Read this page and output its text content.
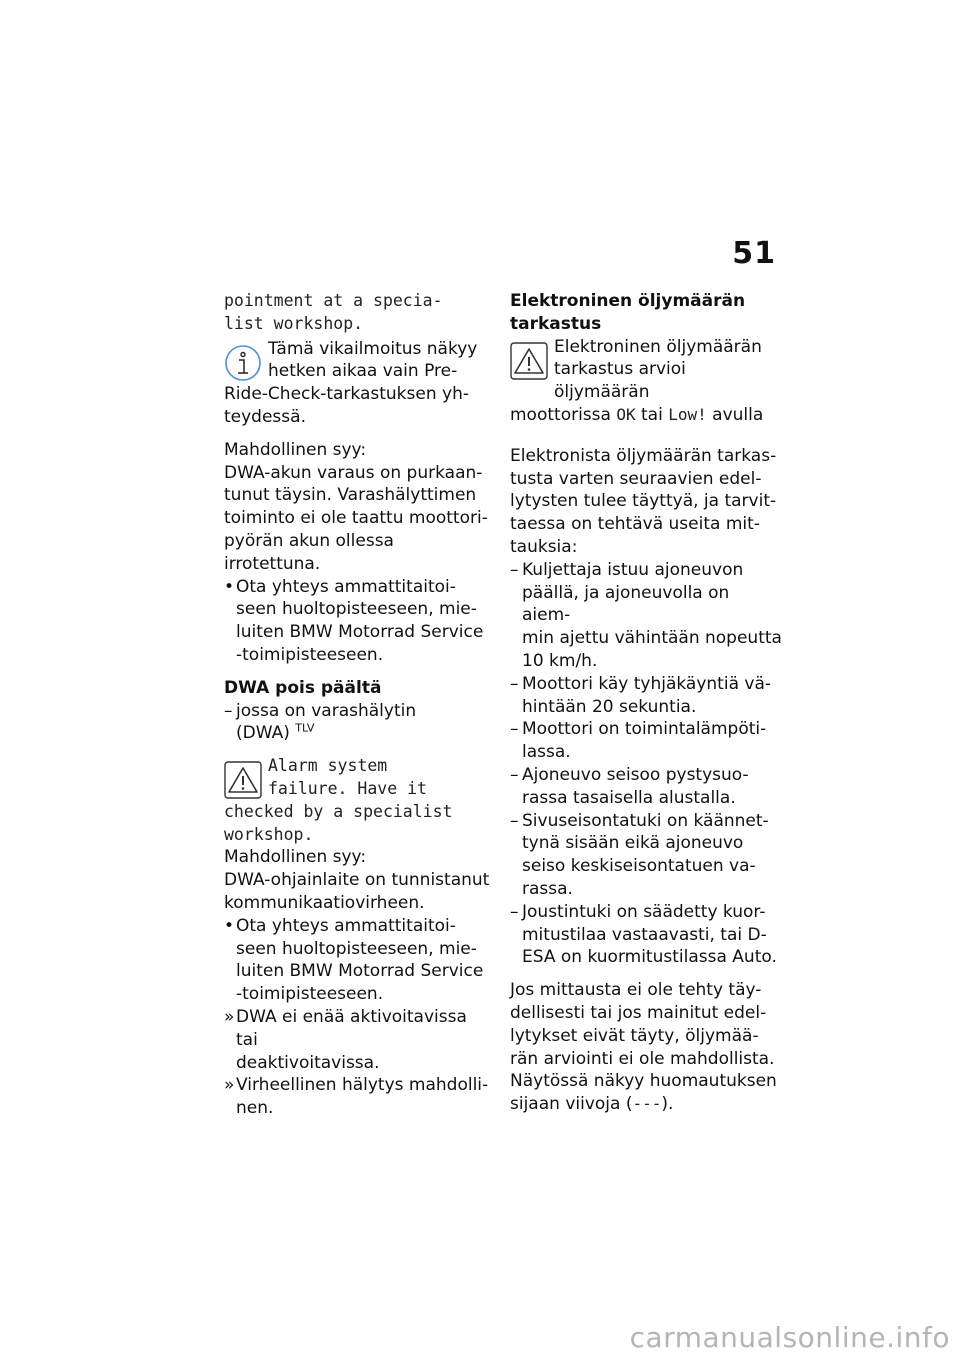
51
pointment at a specia-
list workshop.
Tämä vikailmoitus näkyy
hetken aikaa vain Pre-
Ride-Check-tarkastuksen yh-
teydessä.
Mahdollinen syy:
DWA-akun varaus on purkaan-
tunut täysin. Varashälyttimen
toiminto ei ole taattu moottori-
pyörän akun ollessa irrotettuna.
• Ota yhteys ammattitaitoi-
seen huoltopisteeseen, mie-
luiten BMW Motorrad Service
-toimipisteeseen.
DWA pois päältä
– jossa on varashälytin
(DWA) $^{TLV}$
Alarm system
failure. Have it
checked by a specialist
workshop.
Mahdollinen syy:
DWA-ohjainlaite on tunnistanut
kommunikaatiovirheen.
• Ota yhteys ammattitaitoi-
seen huoltopisteeseen, mie-
luiten BMW Motorrad Service
-toimipisteeseen.
» DWA ei enää aktivoitavissa tai
deaktivoitavissa.
» Virheellinen hälytys mahdolli-
nen.
Elektroninen öljymäärän
tarkastus
Elektroninen öljymäärän
tarkastus arvioi öljymäärän
moottorissa OK tai Low! avulla
Elektronista öljymäärän tarkas-
tusta varten seuraavien edel-
lytysten tulee täyttyä, ja tarvit-
taessa on tehtävä useita mit-
tauksia:
– Kuljettaja istuu ajoneuvon
päällä, ja ajoneuvolla on aiem-
min ajettu vähintään nopeutta
10 km/h.
– Moottori käy tyhjäkäyntiä vä-
hintään 20 sekuntia.
– Moottori on toimintalämpöti-
lassa.
– Ajoneuvo seisoo pystysuo-
rassa tasaisella alustalla.
– Sivuseisontatuki on käännet-
tynä sisään eikä ajoneuvo
seiso keskiseisontatuen va-
rassa.
– Joustintuki on säädetty kuor-
mitustilaa vastaavasti, tai D-
ESA on kuormitustilassa Auto.
Jos mittausta ei ole tehty täy-
dellisesti tai jos mainitut edel-
lytykset eivät täyty, öljymää-
rän arviointi ei ole mahdollista.
Näytössä näkyy huomautuksen
sijaan viivoja (---).
carmanualsonline.info
